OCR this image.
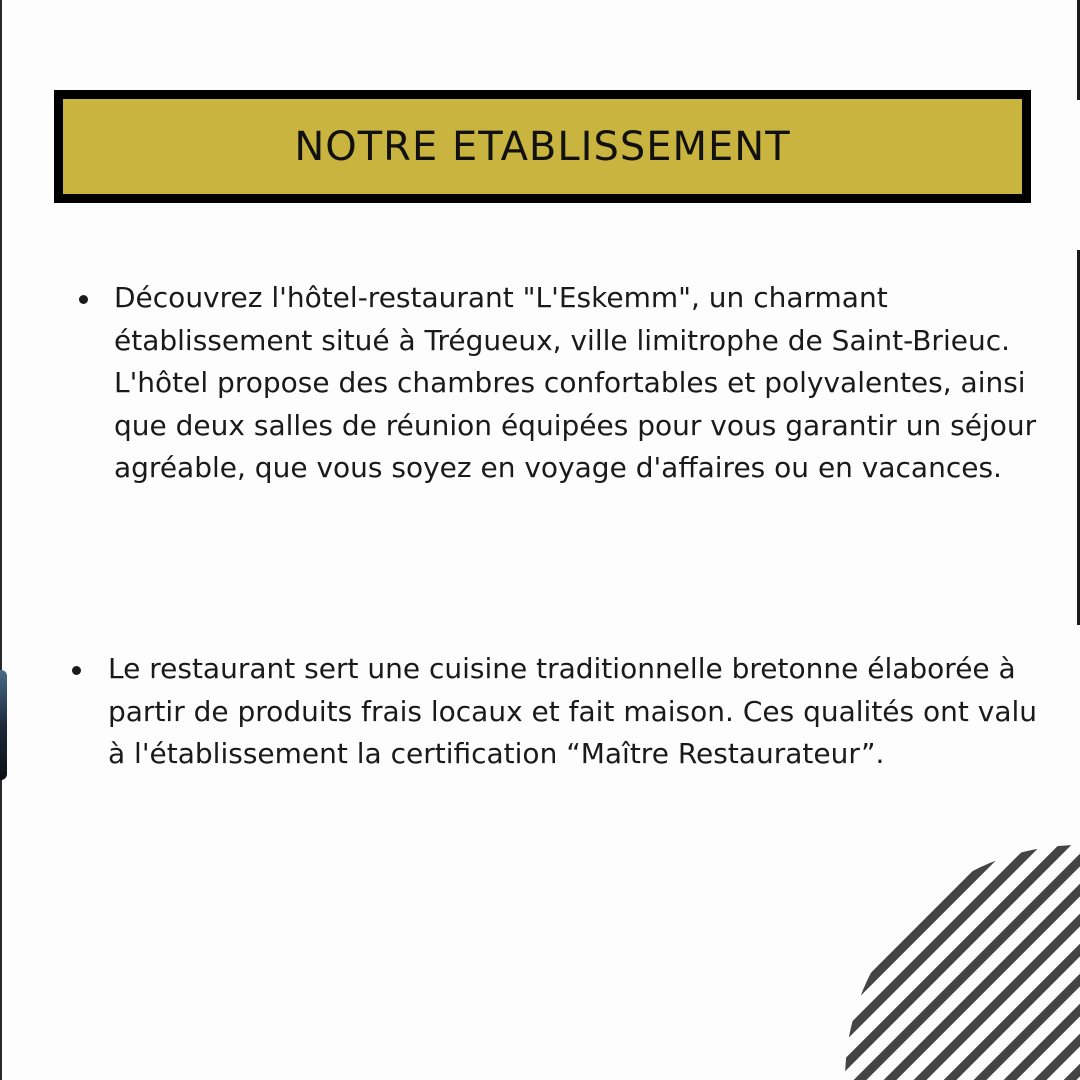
NOTRE ETABLISSEMENT

Découvrez l'hôtel-restaurant "L'Eskemm", un charmant établissement situé à Trégueux, ville limitrophe de Saint-Brieuc. L'hôtel propose des chambres confortables et polyvalentes, ainsi que deux salles de réunion équipées pour vous garantir un séjour agréable, que vous soyez en voyage d'affaires ou en vacances.

Le restaurant sert une cuisine traditionnelle bretonne élaborée à partir de produits frais locaux et fait maison. Ces qualités ont valu à l'établissement la certification “Maître Restaurateur”.
